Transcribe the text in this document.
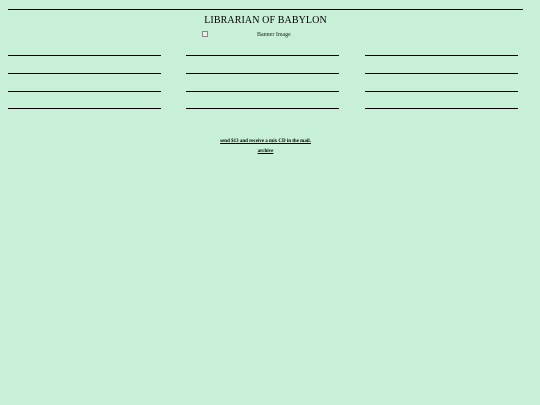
LIBRARIAN OF BABYLON
Banner Image
send $13 and receive a mix CD in the mail.
archive
